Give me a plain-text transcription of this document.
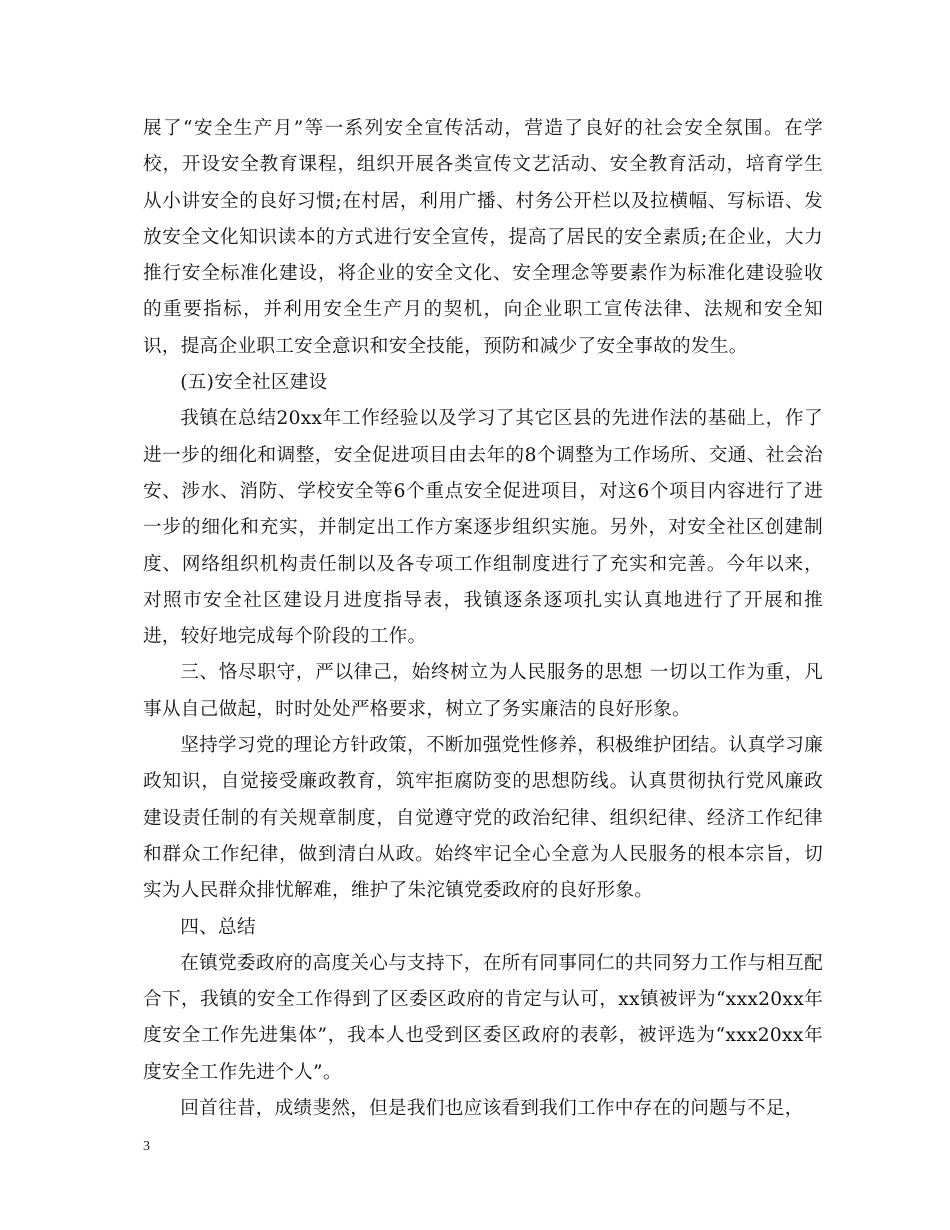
展了“安全生产月”等一系列安全宣传活动，营造了良好的社会安全氛围。在学校，开设安全教育课程，组织开展各类宣传文艺活动、安全教育活动，培育学生从小讲安全的良好习惯;在村居，利用广播、村务公开栏以及拉横幅、写标语、发放安全文化知识读本的方式进行安全宣传，提高了居民的安全素质;在企业，大力推行安全标准化建设，将企业的安全文化、安全理念等要素作为标准化建设验收的重要指标，并利用安全生产月的契机，向企业职工宣传法律、法规和安全知识，提高企业职工安全意识和安全技能，预防和减少了安全事故的发生。

(五)安全社区建设

我镇在总结20xx年工作经验以及学习了其它区县的先进作法的基础上，作了进一步的细化和调整，安全促进项目由去年的8个调整为工作场所、交通、社会治安、涉水、消防、学校安全等6个重点安全促进项目，对这6个项目内容进行了进一步的细化和充实，并制定出工作方案逐步组织实施。另外，对安全社区创建制度、网络组织机构责任制以及各专项工作组制度进行了充实和完善。今年以来，对照市安全社区建设月进度指导表，我镇逐条逐项扎实认真地进行了开展和推进，较好地完成每个阶段的工作。

三、恪尽职守，严以律己，始终树立为人民服务的思想 一切以工作为重，凡事从自己做起，时时处处严格要求，树立了务实廉洁的良好形象。

坚持学习党的理论方针政策，不断加强党性修养，积极维护团结。认真学习廉政知识，自觉接受廉政教育，筑牢拒腐防变的思想防线。认真贯彻执行党风廉政建设责任制的有关规章制度，自觉遵守党的政治纪律、组织纪律、经济工作纪律和群众工作纪律，做到清白从政。始终牢记全心全意为人民服务的根本宗旨，切实为人民群众排忧解难，维护了朱沱镇党委政府的良好形象。

四、总结

在镇党委政府的高度关心与支持下，在所有同事同仁的共同努力工作与相互配合下，我镇的安全工作得到了区委区政府的肯定与认可，xx镇被评为“xxx20xx年度安全工作先进集体”，我本人也受到区委区政府的表彰，被评选为“xxx20xx年度安全工作先进个人”。

回首往昔，成绩斐然，但是我们也应该看到我们工作中存在的问题与不足，

3
